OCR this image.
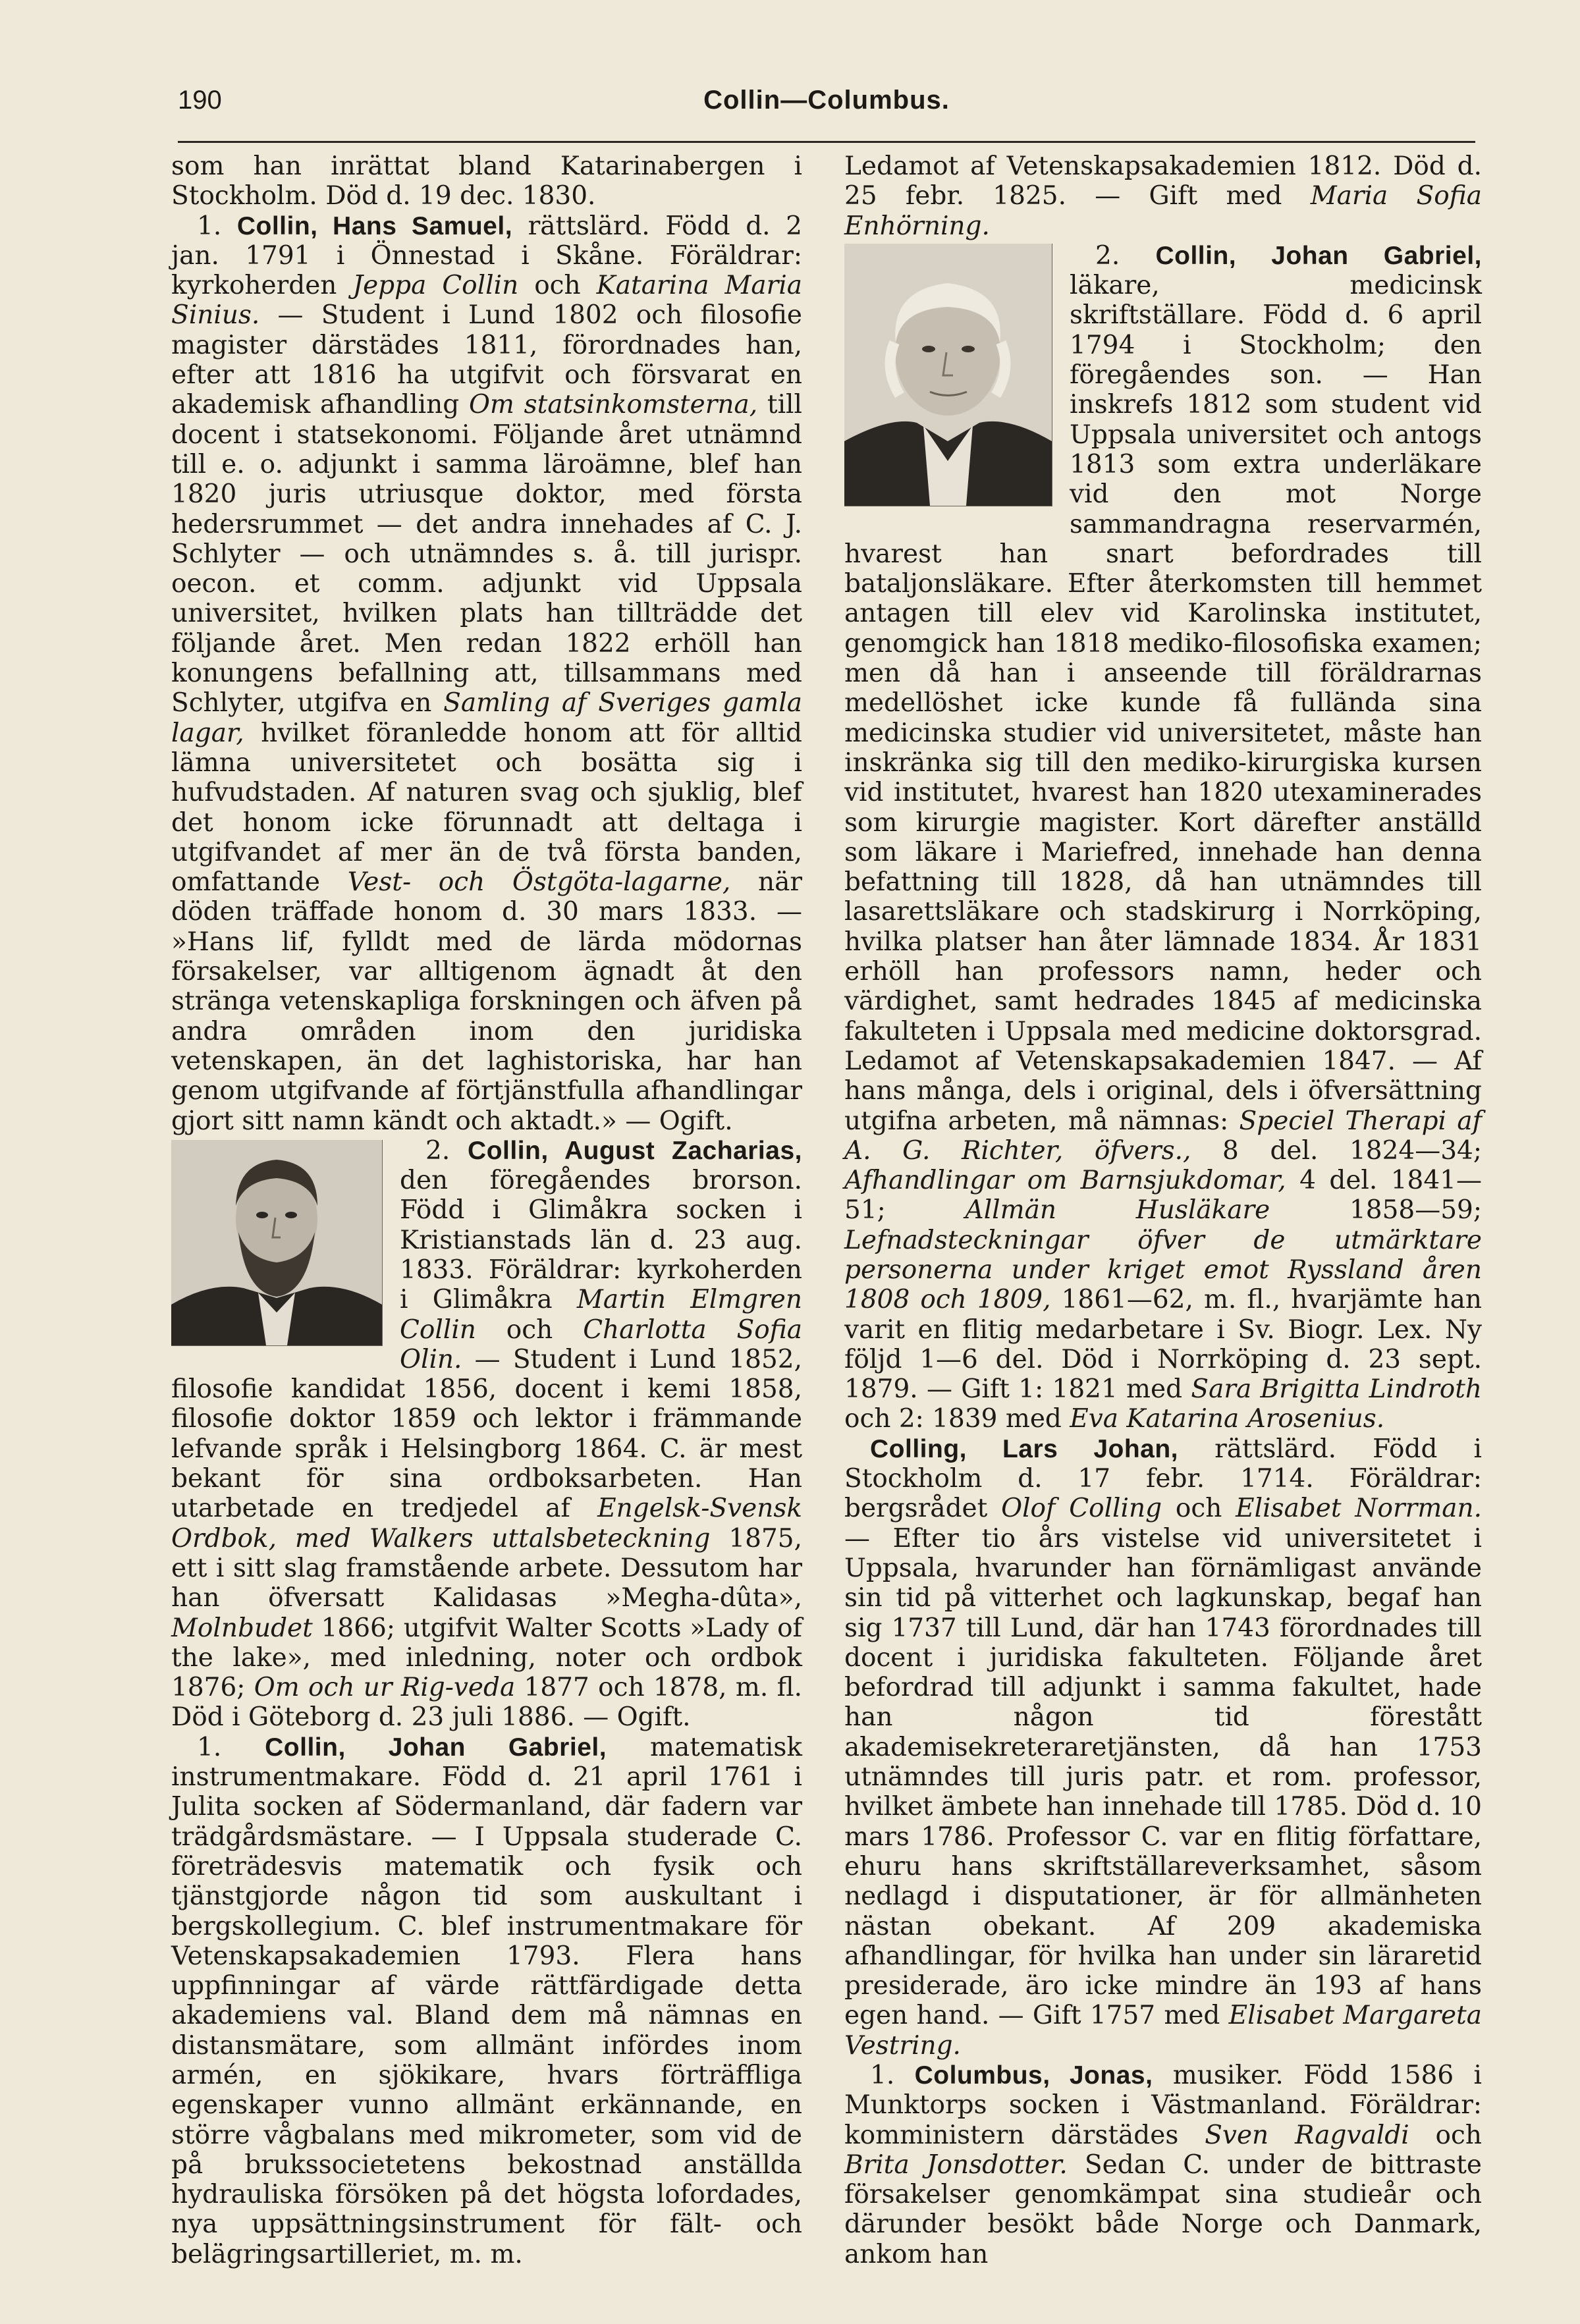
190	Collin—Columbus.

som han inrättat bland Katarinabergen i Stockholm. Död d. 19 dec. 1830.

 1. Collin, Hans Samuel, rättslärd. Född d. 2 jan. 1791 i Önnestad i Skåne. Föräldrar: kyrkoherden Jeppa Collin och Katarina Maria Sinius. — Student i Lund 1802 och filosofie magister därstädes 1811, förordnades han, efter att 1816 ha utgifvit och försvarat en akademisk afhandling Om statsinkomsterna, till docent i statsekonomi. Följande året utnämnd till e. o. adjunkt i samma läroämne, blef han 1820 juris utriusque doktor, med första hedersrummet — det andra innehades af C. J. Schlyter — och utnämndes s. å. till jurispr. oecon. et comm. adjunkt vid Uppsala universitet, hvilken plats han tillträdde det följande året. Men redan 1822 erhöll han konungens befallning att, tillsammans med Schlyter, utgifva en Samling af Sveriges gamla lagar, hvilket föranledde honom att för alltid lämna universitetet och bosätta sig i hufvudstaden. Af naturen svag och sjuklig, blef det honom icke förunnadt att deltaga i utgifvandet af mer än de två första banden, omfattande Vest- och Östgöta-lagarne, när döden träffade honom d. 30 mars 1833. — »Hans lif, fylldt med de lärda mödornas försakelser, var alltigenom ägnadt åt den stränga vetenskapliga forskningen och äfven på andra områden inom den juridiska vetenskapen, än det laghistoriska, har han genom utgifvande af förtjänstfulla afhandlingar gjort sitt namn kändt och aktadt.» — Ogift.

 2. Collin, August Zacharias,
den föregåendes brorson. Född i Glimåkra socken i Kristianstads län d. 23 aug. 1833. Föräldrar: kyrkoherden i Glimåkra Martin Elmgren Collin och Charlotta Sofia Olin. — Student i Lund 1852, filosofie kandidat 1856, docent i kemi 1858, filosofie doktor 1859 och lektor i främmande lefvande språk i Helsingborg 1864. C. är mest bekant för sina ordboksarbeten. Han utarbetade en tredjedel af Engelsk-Svensk Ordbok, med Walkers uttalsbeteckning 1875, ett i sitt slag framstående arbete. Dessutom har han öfversatt Kalidasas »Megha-dûta», Molnbudet 1866; utgifvit Walter Scotts »Lady of the lake», med inledning, noter och ordbok 1876; Om och ur Rig-veda 1877 och 1878, m. fl. Död i Göteborg d. 23 juli 1886. — Ogift.

 1. Collin, Johan Gabriel, matematisk instrumentmakare. Född d. 21 april 1761 i Julita socken af Södermanland, där fadern var trädgårdsmästare. — I Uppsala studerade C. företrädesvis matematik och fysik och tjänstgjorde någon tid som auskultant i bergskollegium. C. blef instrumentmakare för Vetenskapsakademien 1793. Flera hans uppfinningar af värde rättfärdigade detta akademiens val. Bland dem må nämnas en distansmätare, som allmänt infördes inom armén, en sjökikare, hvars förträffliga egenskaper vunno allmänt erkännande, en större vågbalans med mikrometer, som vid de på brukssocietetens bekostnad anställda hydrauliska försöken på det högsta lofordades, nya uppsättningsinstrument för fält- och belägringsartilleriet, m. m.

Ledamot af Vetenskapsakademien 1812. Död d. 25 febr. 1825. — Gift med Maria Sofia Enhörning.

 2. Collin, Johan Gabriel,
läkare, medicinsk skriftställare. Född d. 6 april 1794 i Stockholm; den föregåendes son. — Han inskrefs 1812 som student vid Uppsala universitet och antogs 1813 som extra underläkare vid den mot Norge sammandragna reservarmén, hvarest han snart befordrades till bataljonsläkare. Efter återkomsten till hemmet antagen till elev vid Karolinska institutet, genomgick han 1818 mediko-filosofiska examen; men då han i anseende till föräldrarnas medellöshet icke kunde få fullända sina medicinska studier vid universitetet, måste han inskränka sig till den mediko-kirurgiska kursen vid institutet, hvarest han 1820 utexaminerades som kirurgie magister. Kort därefter anställd som läkare i Mariefred, innehade han denna befattning till 1828, då han utnämndes till lasarettsläkare och stadskirurg i Norrköping, hvilka platser han åter lämnade 1834. År 1831 erhöll han professors namn, heder och värdighet, samt hedrades 1845 af medicinska fakulteten i Uppsala med medicine doktorsgrad. Ledamot af Vetenskapsakademien 1847. — Af hans många, dels i original, dels i öfversättning utgifna arbeten, må nämnas: Speciel Therapi af A. G. Richter, öfvers., 8 del. 1824—34; Afhandlingar om Barnsjukdomar, 4 del. 1841—51; Allmän Husläkare 1858—59; Lefnadsteckningar öfver de utmärktare personerna under kriget emot Ryssland åren 1808 och 1809, 1861—62, m. fl., hvarjämte han varit en flitig medarbetare i Sv. Biogr. Lex. Ny följd 1—6 del. Död i Norrköping d. 23 sept. 1879. — Gift 1: 1821 med Sara Brigitta Lindroth och 2: 1839 med Eva Katarina Arosenius.

 Colling, Lars Johan, rättslärd. Född i Stockholm d. 17 febr. 1714. Föräldrar: bergsrådet Olof Colling och Elisabet Norrman. — Efter tio års vistelse vid universitetet i Uppsala, hvarunder han förnämligast använde sin tid på vitterhet och lagkunskap, begaf han sig 1737 till Lund, där han 1743 förordnades till docent i juridiska fakulteten. Följande året befordrad till adjunkt i samma fakultet, hade han någon tid förestått akademisekreteraretjänsten, då han 1753 utnämndes till juris patr. et rom. professor, hvilket ämbete han innehade till 1785. Död d. 10 mars 1786. Professor C. var en flitig författare, ehuru hans skriftställareverksamhet, såsom nedlagd i disputationer, är för allmänheten nästan obekant. Af 209 akademiska afhandlingar, för hvilka han under sin läraretid presiderade, äro icke mindre än 193 af hans egen hand. — Gift 1757 med Elisabet Margareta Vestring.

 1. Columbus, Jonas, musiker. Född 1586 i Munktorps socken i Västmanland. Föräldrar: komministern därstädes Sven Ragvaldi och Brita Jonsdotter. Sedan C. under de bittraste försakelser genomkämpat sina studieår och därunder besökt både Norge och Danmark, ankom han
